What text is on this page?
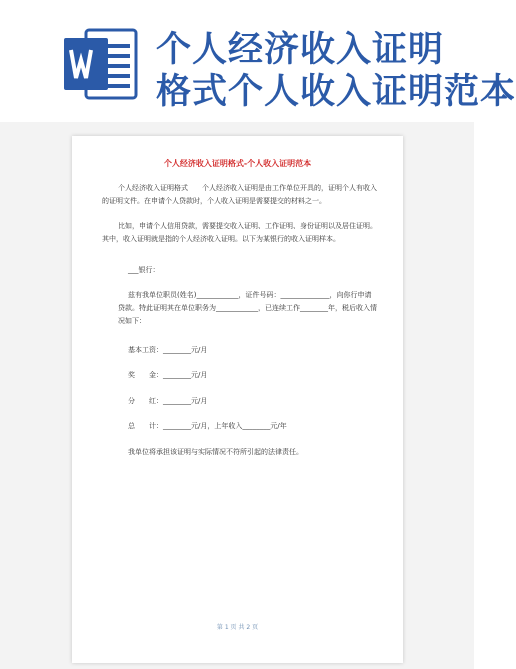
个人经济收入证明
格式个人收入证明范本
个人经济收入证明格式-个人收入证明范本
个人经济收入证明格式　　个人经济收入证明是由工作单位开具的，证明个人有收入
的证明文件。在申请个人贷款时，个人收入证明是需要提交的材料之一。
比如，申请个人信用贷款，需要提交收入证明、工作证明、身份证明以及居住证明。
其中，收入证明就是指的个人经济收入证明。以下为某银行的收入证明样本。
___银行：
兹有我单位职员(姓名)____________，证件号码：______________，向你行申请
贷款。特此证明其在单位职务为____________，已连续工作________年，税后收入情
况如下：
基本工资：________元/月
奖　　金：________元/月
分　　红：________元/月
总　　计：________元/月，上年收入________元/年
我单位将承担该证明与实际情况不符所引起的法律责任。
第 1 页 共 2 页
